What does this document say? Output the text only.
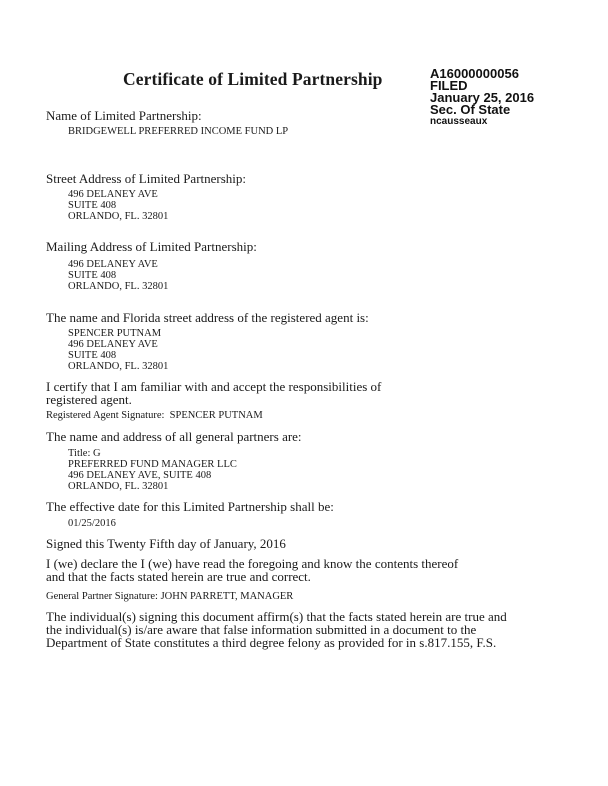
Certificate of Limited Partnership	A16000000056
FILED
January 25, 2016
Sec. Of State
ncausseaux
Name of Limited Partnership:
BRIDGEWELL PREFERRED INCOME FUND LP
Street Address of Limited Partnership:
496 DELANEY AVE
SUITE 408
ORLANDO, FL. 32801
Mailing Address of Limited Partnership:
496 DELANEY AVE
SUITE 408
ORLANDO, FL. 32801
The name and Florida street address of the registered agent is:
SPENCER PUTNAM
496 DELANEY AVE
SUITE 408
ORLANDO, FL. 32801
I certify that I am familiar with and accept the responsibilities of
registered agent.
Registered Agent Signature: SPENCER PUTNAM
The name and address of all general partners are:
Title: G
PREFERRED FUND MANAGER LLC
496 DELANEY AVE, SUITE 408
ORLANDO, FL. 32801
The effective date for this Limited Partnership shall be:
01/25/2016
Signed this Twenty Fifth day of January, 2016
I (we) declare the I (we) have read the foregoing and know the contents thereof
and that the facts stated herein are true and correct.
General Partner Signature: JOHN PARRETT, MANAGER
The individual(s) signing this document affirm(s) that the facts stated herein are true and
the individual(s) is/are aware that false information submitted in a document to the
Department of State constitutes a third degree felony as provided for in s.817.155, F.S.
